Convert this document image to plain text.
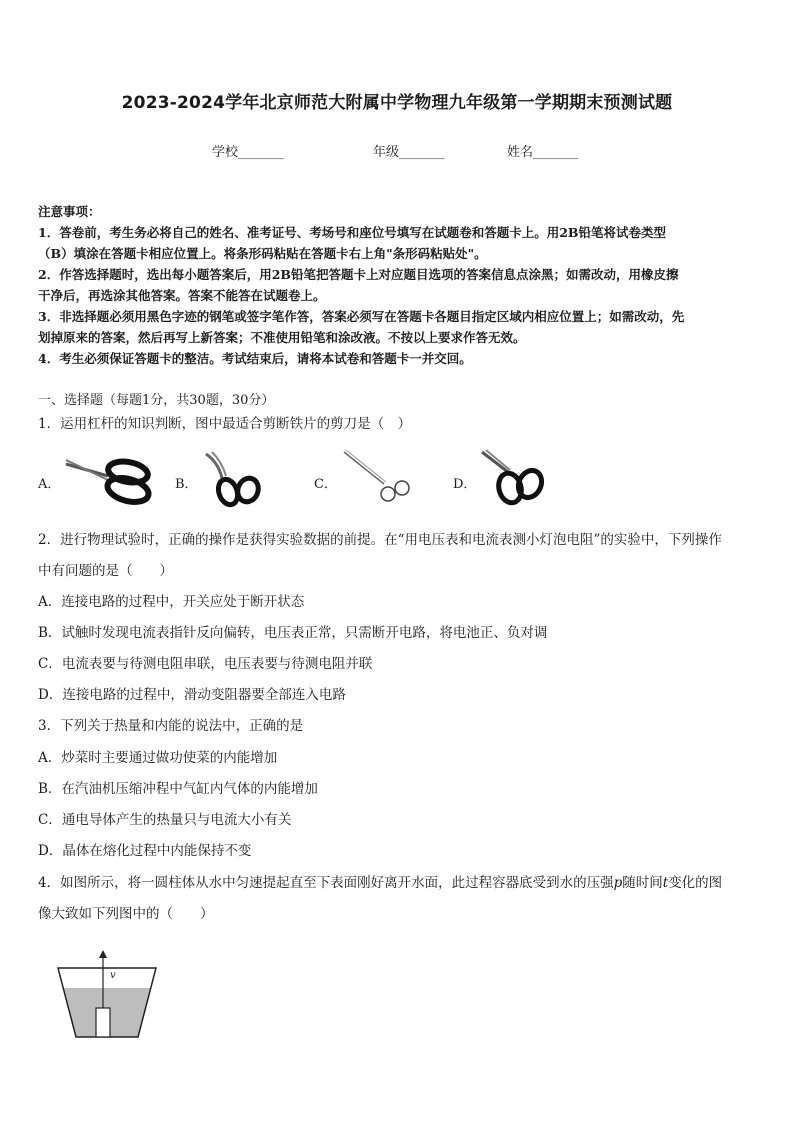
2023-2024学年北京师范大附属中学物理九年级第一学期期末预测试题
学校_______	年级_______	姓名_______
注意事项：
1．答卷前，考生务必将自己的姓名、准考证号、考场号和座位号填写在试题卷和答题卡上。用2B铅笔将试卷类型
（B）填涂在答题卡相应位置上。将条形码粘贴在答题卡右上角"条形码粘贴处"。
2．作答选择题时，选出每小题答案后，用2B铅笔把答题卡上对应题目选项的答案信息点涂黑；如需改动，用橡皮擦
干净后，再选涂其他答案。答案不能答在试题卷上。
3．非选择题必须用黑色字迹的钢笔或签字笔作答，答案必须写在答题卡各题目指定区域内相应位置上；如需改动，先
划掉原来的答案，然后再写上新答案；不准使用铅笔和涂改液。不按以上要求作答无效。
4．考生必须保证答题卡的整洁。考试结束后，请将本试卷和答题卡一并交回。
一、选择题（每题1分，共30题，30分）
1．运用杠杆的知识判断，图中最适合剪断铁片的剪刀是（　）
A．	B．	C．	D．
2．进行物理试验时，正确的操作是获得实验数据的前提。在“用电压表和电流表测小灯泡电阻”的实验中，下列操作
中有问题的是（　　）
A．连接电路的过程中，开关应处于断开状态
B．试触时发现电流表指针反向偏转，电压表正常，只需断开电路，将电池正、负对调
C．电流表要与待测电阻串联，电压表要与待测电阻并联
D．连接电路的过程中，滑动变阻器要全部连入电路
3．下列关于热量和内能的说法中，正确的是
A．炒菜时主要通过做功使菜的内能增加
B．在汽油机压缩冲程中气缸内气体的内能增加
C．通电导体产生的热量只与电流大小有关
D．晶体在熔化过程中内能保持不变
4．如图所示，将一圆柱体从水中匀速提起直至下表面刚好离开水面，此过程容器底受到水的压强p随时间t变化的图
像大致如下列图中的（　　）
v
